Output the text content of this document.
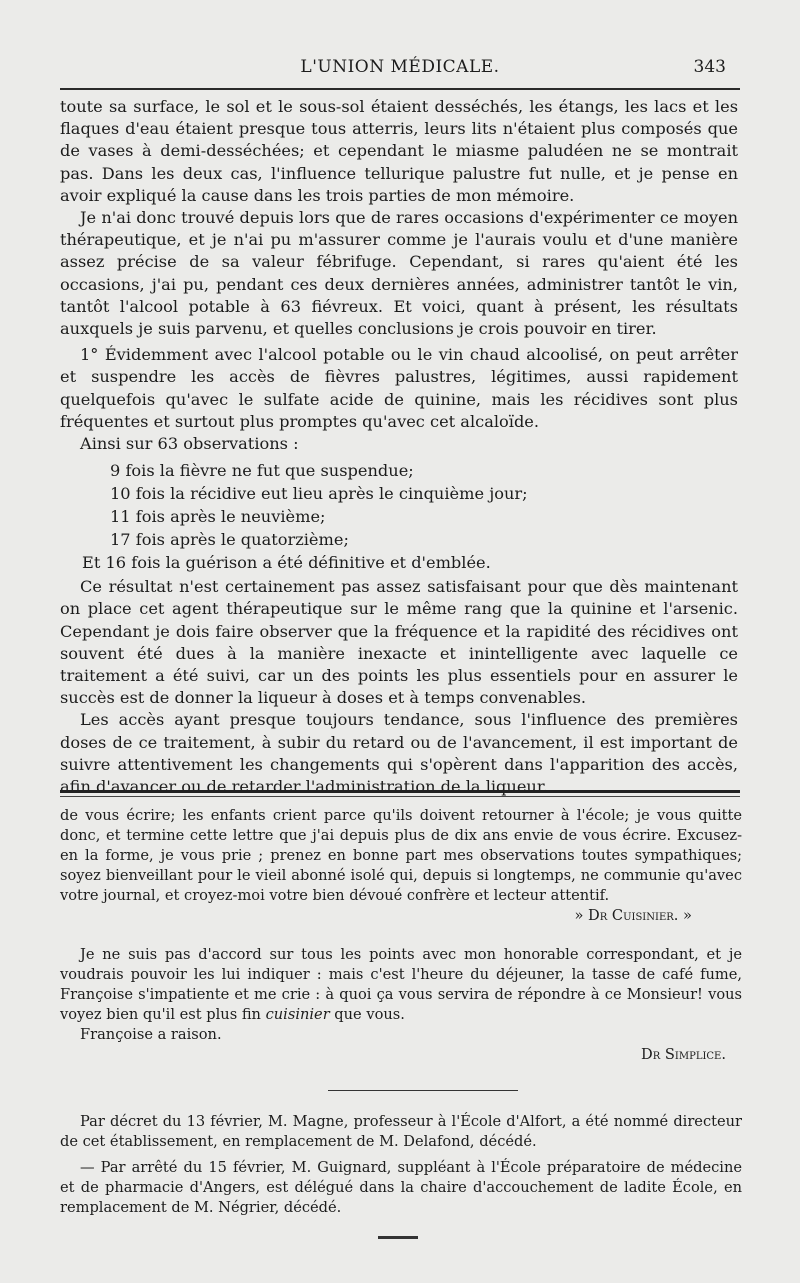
L'UNION MÉDICALE.	343

toute sa surface, le sol et le sous-sol étaient desséchés, les étangs, les lacs et les flaques d'eau étaient presque tous atterris, leurs lits n'étaient plus composés que de vases à demi-desséchées; et cependant le miasme paludéen ne se montrait pas. Dans les deux cas, l'influence tellurique palustre fut nulle, et je pense en avoir expliqué la cause dans les trois parties de mon mémoire.

Je n'ai donc trouvé depuis lors que de rares occasions d'expérimenter ce moyen thérapeutique, et je n'ai pu m'assurer comme je l'aurais voulu et d'une manière assez précise de sa valeur fébrifuge. Cependant, si rares qu'aient été les occasions, j'ai pu, pendant ces deux dernières années, administrer tantôt le vin, tantôt l'alcool potable à 63 fiévreux. Et voici, quant à présent, les résultats auxquels je suis parvenu, et quelles conclusions je crois pouvoir en tirer.

1° Évidemment avec l'alcool potable ou le vin chaud alcoolisé, on peut arrêter et suspendre les accès de fièvres palustres, légitimes, aussi rapidement quelquefois qu'avec le sulfate acide de quinine, mais les récidives sont plus fréquentes et surtout plus promptes qu'avec cet alcaloïde.

Ainsi sur 63 observations :

9 fois la fièvre ne fut que suspendue;
10 fois la récidive eut lieu après le cinquième jour;
11 fois après le neuvième;
17 fois après le quatorzième;
Et 16 fois la guérison a été définitive et d'emblée.

Ce résultat n'est certainement pas assez satisfaisant pour que dès maintenant on place cet agent thérapeutique sur le même rang que la quinine et l'arsenic. Cependant je dois faire observer que la fréquence et la rapidité des récidives ont souvent été dues à la manière inexacte et inintelligente avec laquelle ce traitement a été suivi, car un des points les plus essentiels pour en assurer le succès est de donner la liqueur à doses et à temps convenables.

Les accès ayant presque toujours tendance, sous l'influence des premières doses de ce traitement, à subir du retard ou de l'avancement, il est important de suivre attentivement les changements qui s'opèrent dans l'apparition des accès, afin d'avancer ou de retarder l'administration de la liqueur.

de vous écrire; les enfants crient parce qu'ils doivent retourner à l'école; je vous quitte donc, et termine cette lettre que j'ai depuis plus de dix ans envie de vous écrire. Excusez-en la forme, je vous prie ; prenez en bonne part mes observations toutes sympathiques; soyez bienveillant pour le vieil abonné isolé qui, depuis si longtemps, ne communie qu'avec votre journal, et croyez-moi votre bien dévoué confrère et lecteur attentif.

» Dr Cuisinier. »

Je ne suis pas d'accord sur tous les points avec mon honorable correspondant, et je voudrais pouvoir les lui indiquer : mais c'est l'heure du déjeuner, la tasse de café fume, Françoise s'impatiente et me crie : à quoi ça vous servira de répondre à ce Monsieur! vous voyez bien qu'il est plus fin cuisinier que vous.

Françoise a raison.

Dr Simplice.

Par décret du 13 février, M. Magne, professeur à l'École d'Alfort, a été nommé directeur de cet établissement, en remplacement de M. Delafond, décédé.

— Par arrêté du 15 février, M. Guignard, suppléant à l'École préparatoire de médecine et de pharmacie d'Angers, est délégué dans la chaire d'accouchement de ladite École, en remplacement de M. Négrier, décédé.
